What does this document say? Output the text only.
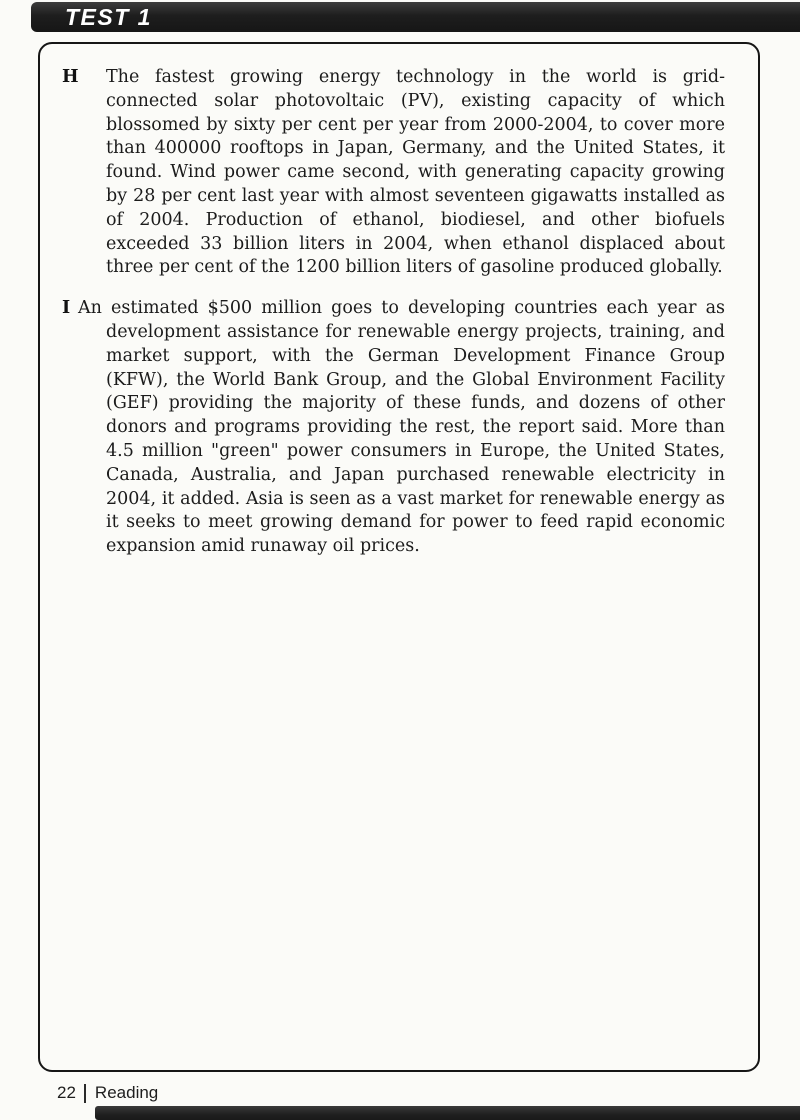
TEST 1

H The fastest growing energy technology in the world is grid-connected solar photovoltaic (PV), existing capacity of which blossomed by sixty per cent per year from 2000-2004, to cover more than 400000 rooftops in Japan, Germany, and the United States, it found. Wind power came second, with generating capacity growing by 28 per cent last year with almost seventeen gigawatts installed as of 2004. Production of ethanol, biodiesel, and other biofuels exceeded 33 billion liters in 2004, when ethanol displaced about three per cent of the 1200 billion liters of gasoline produced globally.

I An estimated $500 million goes to developing countries each year as development assistance for renewable energy projects, training, and market support, with the German Development Finance Group (KFW), the World Bank Group, and the Global Environment Facility (GEF) providing the majority of these funds, and dozens of other donors and programs providing the rest, the report said. More than 4.5 million "green" power consumers in Europe, the United States, Canada, Australia, and Japan purchased renewable electricity in 2004, it added. Asia is seen as a vast market for renewable energy as it seeks to meet growing demand for power to feed rapid economic expansion amid runaway oil prices.

22 Reading
